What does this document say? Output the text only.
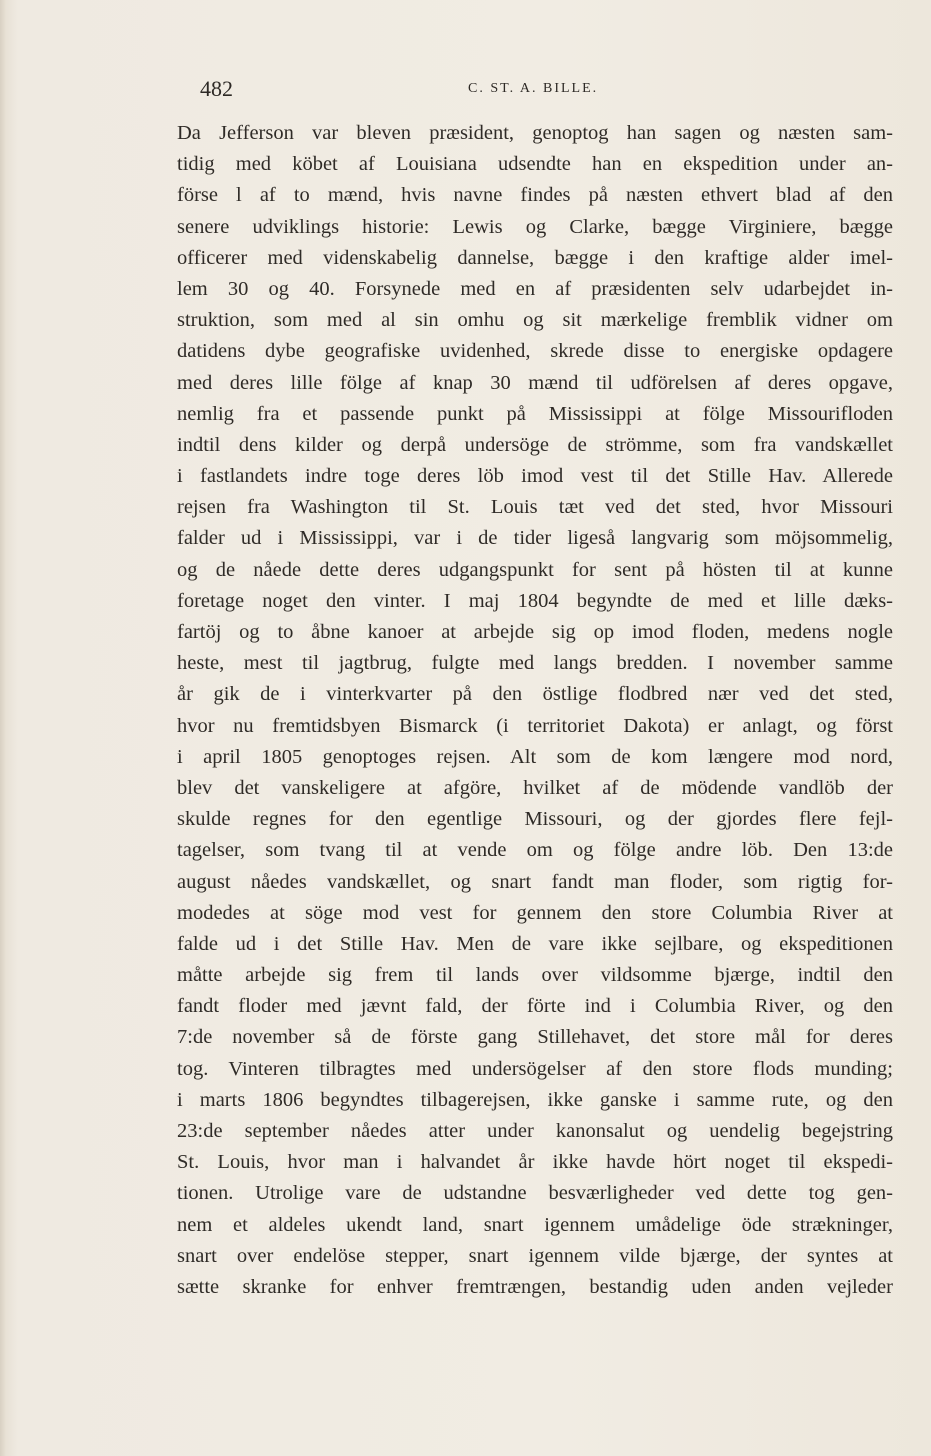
482	C. ST. A. BILLE.
Da Jefferson var bleven præsident, genoptog han sagen og næsten sam-
tidig med köbet af Louisiana udsendte han en ekspedition under an-
förse l af to mænd, hvis navne findes på næsten ethvert blad af den
senere udviklings historie: Lewis og Clarke, bægge Virginiere, bægge
officerer med videnskabelig dannelse, bægge i den kraftige alder imel-
lem 30 og 40. Forsynede med en af præsidenten selv udarbejdet in-
struktion, som med al sin omhu og sit mærkelige fremblik vidner om
datidens dybe geografiske uvidenhed, skrede disse to energiske opdagere
med deres lille fölge af knap 30 mænd til udförelsen af deres opgave,
nemlig fra et passende punkt på Mississippi at fölge Missourifloden
indtil dens kilder og derpå undersöge de strömme, som fra vandskællet
i fastlandets indre toge deres löb imod vest til det Stille Hav. Allerede
rejsen fra Washington til St. Louis tæt ved det sted, hvor Missouri
falder ud i Mississippi, var i de tider ligeså langvarig som möjsommelig,
og de nåede dette deres udgangspunkt for sent på hösten til at kunne
foretage noget den vinter. I maj 1804 begyndte de med et lille dæks-
fartöj og to åbne kanoer at arbejde sig op imod floden, medens nogle
heste, mest til jagtbrug, fulgte med langs bredden. I november samme
år gik de i vinterkvarter på den östlige flodbred nær ved det sted,
hvor nu fremtidsbyen Bismarck (i territoriet Dakota) er anlagt, og först
i april 1805 genoptoges rejsen. Alt som de kom længere mod nord,
blev det vanskeligere at afgöre, hvilket af de mödende vandlöb der
skulde regnes for den egentlige Missouri, og der gjordes flere fejl-
tagelser, som tvang til at vende om og fölge andre löb. Den 13:de
august nåedes vandskællet, og snart fandt man floder, som rigtig for-
modedes at söge mod vest for gennem den store Columbia River at
falde ud i det Stille Hav. Men de vare ikke sejlbare, og ekspeditionen
måtte arbejde sig frem til lands over vildsomme bjærge, indtil den
fandt floder med jævnt fald, der förte ind i Columbia River, og den
7:de november så de förste gang Stillehavet, det store mål for deres
tog. Vinteren tilbragtes med undersögelser af den store flods munding;
i marts 1806 begyndtes tilbagerejsen, ikke ganske i samme rute, og den
23:de september nåedes atter under kanonsalut og uendelig begejstring
St. Louis, hvor man i halvandet år ikke havde hört noget til ekspedi-
tionen. Utrolige vare de udstandne besværligheder ved dette tog gen-
nem et aldeles ukendt land, snart igennem umådelige öde strækninger,
snart over endelöse stepper, snart igennem vilde bjærge, der syntes at
sætte skranke for enhver fremtrængen, bestandig uden anden vejleder
